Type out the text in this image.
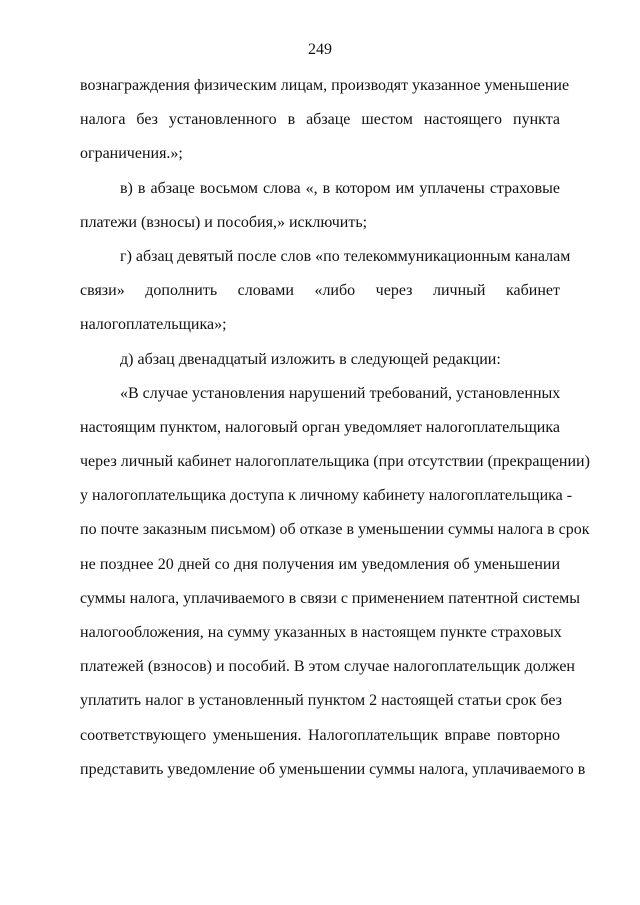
249
вознаграждения физическим лицам, производят указанное уменьшение
налога без установленного в абзаце шестом настоящего пункта
ограничения.»;
в) в абзаце восьмом слова «, в котором им уплачены страховые
платежи (взносы) и пособия,» исключить;
г) абзац девятый после слов «по телекоммуникационным каналам
связи» дополнить словами «либо через личный кабинет
налогоплательщика»;
д) абзац двенадцатый изложить в следующей редакции:
«В случае установления нарушений требований, установленных
настоящим пунктом, налоговый орган уведомляет налогоплательщика
через личный кабинет налогоплательщика (при отсутствии (прекращении)
у налогоплательщика доступа к личному кабинету налогоплательщика -
по почте заказным письмом) об отказе в уменьшении суммы налога в срок
не позднее 20 дней со дня получения им уведомления об уменьшении
суммы налога, уплачиваемого в связи с применением патентной системы
налогообложения, на сумму указанных в настоящем пункте страховых
платежей (взносов) и пособий. В этом случае налогоплательщик должен
уплатить налог в установленный пунктом 2 настоящей статьи срок без
соответствующего уменьшения. Налогоплательщик вправе повторно
представить уведомление об уменьшении суммы налога, уплачиваемого в
